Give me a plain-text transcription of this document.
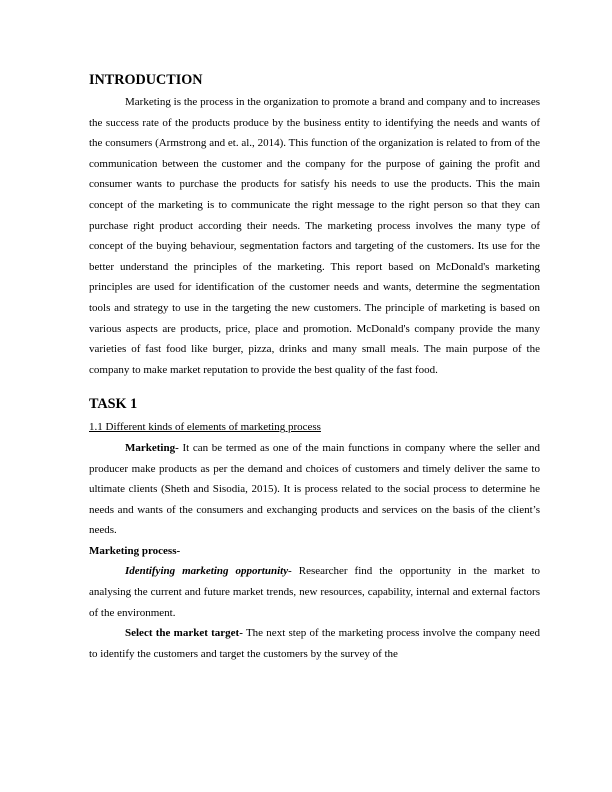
INTRODUCTION

Marketing is the process in the organization to promote a brand and company and to increases the success rate of the products produce by the business entity to identifying the needs and wants of the consumers (Armstrong and et. al., 2014). This function of the organization is related to from of the communication between the customer and the company for the purpose of gaining the profit and consumer wants to purchase the products for satisfy his needs to use the products. This the main concept of the marketing is to communicate the right message to the right person so that they can purchase right product according their needs. The marketing process involves the many type of concept of the buying behaviour, segmentation factors and targeting of the customers. Its use for the better understand the principles of the marketing. This report based on McDonald's marketing principles are used for identification of the customer needs and wants, determine the segmentation tools and strategy to use in the targeting the new customers. The principle of marketing is based on various aspects are products, price, place and promotion. McDonald's company provide the many varieties of fast food like burger, pizza, drinks and many small meals. The main purpose of the company to make market reputation to provide the best quality of the fast food.

TASK 1

1.1 Different kinds of elements of marketing process

Marketing- It can be termed as one of the main functions in company where the seller and producer make products as per the demand and choices of customers and timely deliver the same to ultimate clients (Sheth and Sisodia, 2015). It is process related to the social process to determine he needs and wants of the consumers and exchanging products and services on the basis of the client’s needs.

Marketing process-

Identifying marketing opportunity- Researcher find the opportunity in the market to analysing the current and future market trends, new resources, capability, internal and external factors of the environment.

Select the market target- The next step of the marketing process involve the company need to identify the customers and target the customers by the survey of the
